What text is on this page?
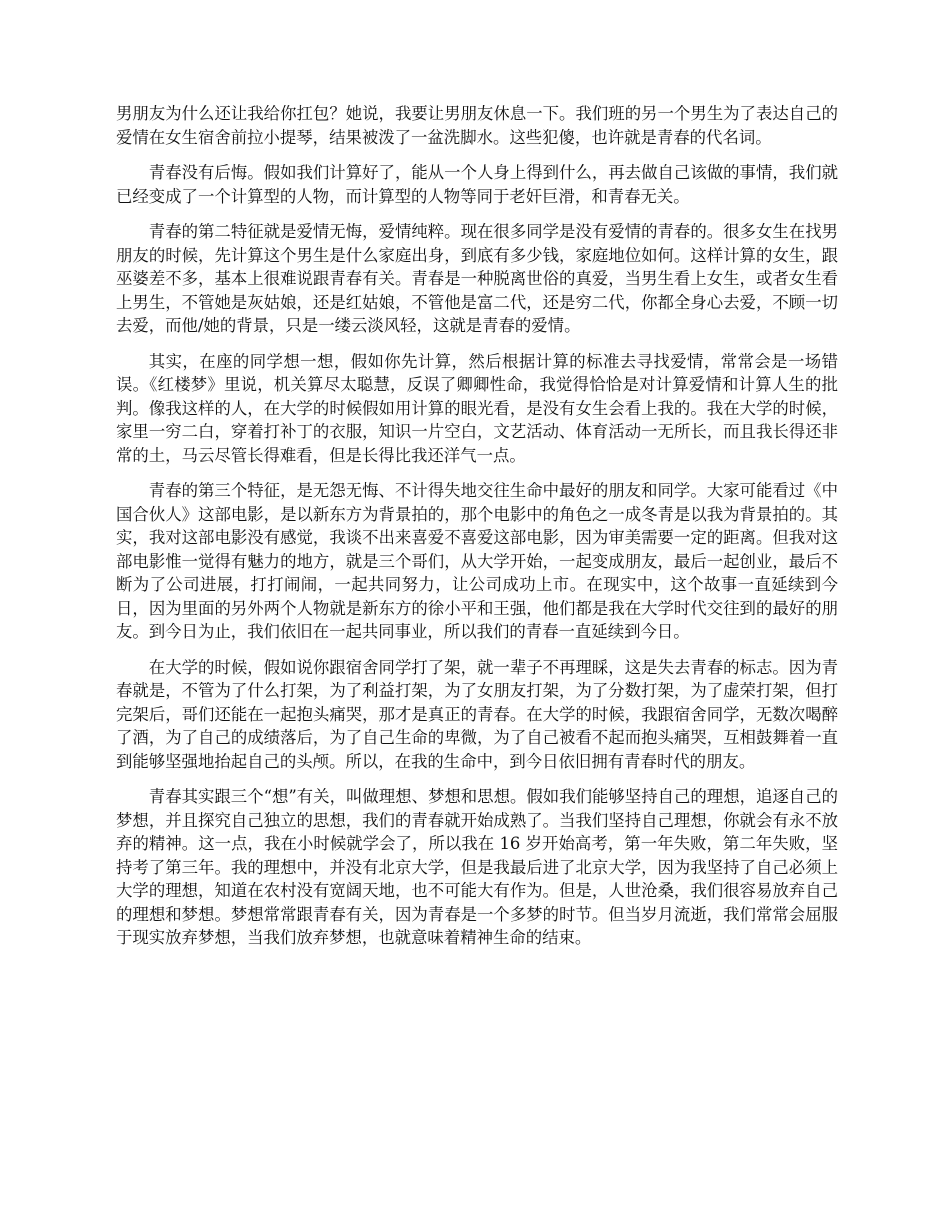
男朋友为什么还让我给你扛包？她说，我要让男朋友休息一下。我们班的另一个男生为了表达自己的爱情在女生宿舍前拉小提琴，结果被泼了一盆洗脚水。这些犯傻，也许就是青春的代名词。

青春没有后悔。假如我们计算好了，能从一个人身上得到什么，再去做自己该做的事情，我们就已经变成了一个计算型的人物，而计算型的人物等同于老奸巨滑，和青春无关。

青春的第二特征就是爱情无悔，爱情纯粹。现在很多同学是没有爱情的青春的。很多女生在找男朋友的时候，先计算这个男生是什么家庭出身，到底有多少钱，家庭地位如何。这样计算的女生，跟巫婆差不多，基本上很难说跟青春有关。青春是一种脱离世俗的真爱，当男生看上女生，或者女生看上男生，不管她是灰姑娘，还是红姑娘，不管他是富二代，还是穷二代，你都全身心去爱，不顾一切去爱，而他/她的背景，只是一缕云淡风轻，这就是青春的爱情。

其实，在座的同学想一想，假如你先计算，然后根据计算的标准去寻找爱情，常常会是一场错误。《红楼梦》里说，机关算尽太聪慧，反误了卿卿性命，我觉得恰恰是对计算爱情和计算人生的批判。像我这样的人，在大学的时候假如用计算的眼光看，是没有女生会看上我的。我在大学的时候，家里一穷二白，穿着打补丁的衣服，知识一片空白，文艺活动、体育活动一无所长，而且我长得还非常的土，马云尽管长得难看，但是长得比我还洋气一点。

青春的第三个特征，是无怨无悔、不计得失地交往生命中最好的朋友和同学。大家可能看过《中国合伙人》这部电影，是以新东方为背景拍的，那个电影中的角色之一成冬青是以我为背景拍的。其实，我对这部电影没有感觉，我谈不出来喜爱不喜爱这部电影，因为审美需要一定的距离。但我对这部电影惟一觉得有魅力的地方，就是三个哥们，从大学开始，一起变成朋友，最后一起创业，最后不断为了公司进展，打打闹闹，一起共同努力，让公司成功上市。在现实中，这个故事一直延续到今日，因为里面的另外两个人物就是新东方的徐小平和王强，他们都是我在大学时代交往到的最好的朋友。到今日为止，我们依旧在一起共同事业，所以我们的青春一直延续到今日。

在大学的时候，假如说你跟宿舍同学打了架，就一辈子不再理睬，这是失去青春的标志。因为青春就是，不管为了什么打架，为了利益打架，为了女朋友打架，为了分数打架，为了虚荣打架，但打完架后，哥们还能在一起抱头痛哭，那才是真正的青春。在大学的时候，我跟宿舍同学，无数次喝醉了酒，为了自己的成绩落后，为了自己生命的卑微，为了自己被看不起而抱头痛哭，互相鼓舞着一直到能够坚强地抬起自己的头颅。所以，在我的生命中，到今日依旧拥有青春时代的朋友。

青春其实跟三个“想”有关，叫做理想、梦想和思想。假如我们能够坚持自己的理想，追逐自己的梦想，并且探究自己独立的思想，我们的青春就开始成熟了。当我们坚持自己理想，你就会有永不放弃的精神。这一点，我在小时候就学会了，所以我在 16 岁开始高考，第一年失败，第二年失败，坚持考了第三年。我的理想中，并没有北京大学，但是我最后进了北京大学，因为我坚持了自己必须上大学的理想，知道在农村没有宽阔天地，也不可能大有作为。但是，人世沧桑，我们很容易放弃自己的理想和梦想。梦想常常跟青春有关，因为青春是一个多梦的时节。但当岁月流逝，我们常常会屈服于现实放弃梦想，当我们放弃梦想，也就意味着精神生命的结束。
